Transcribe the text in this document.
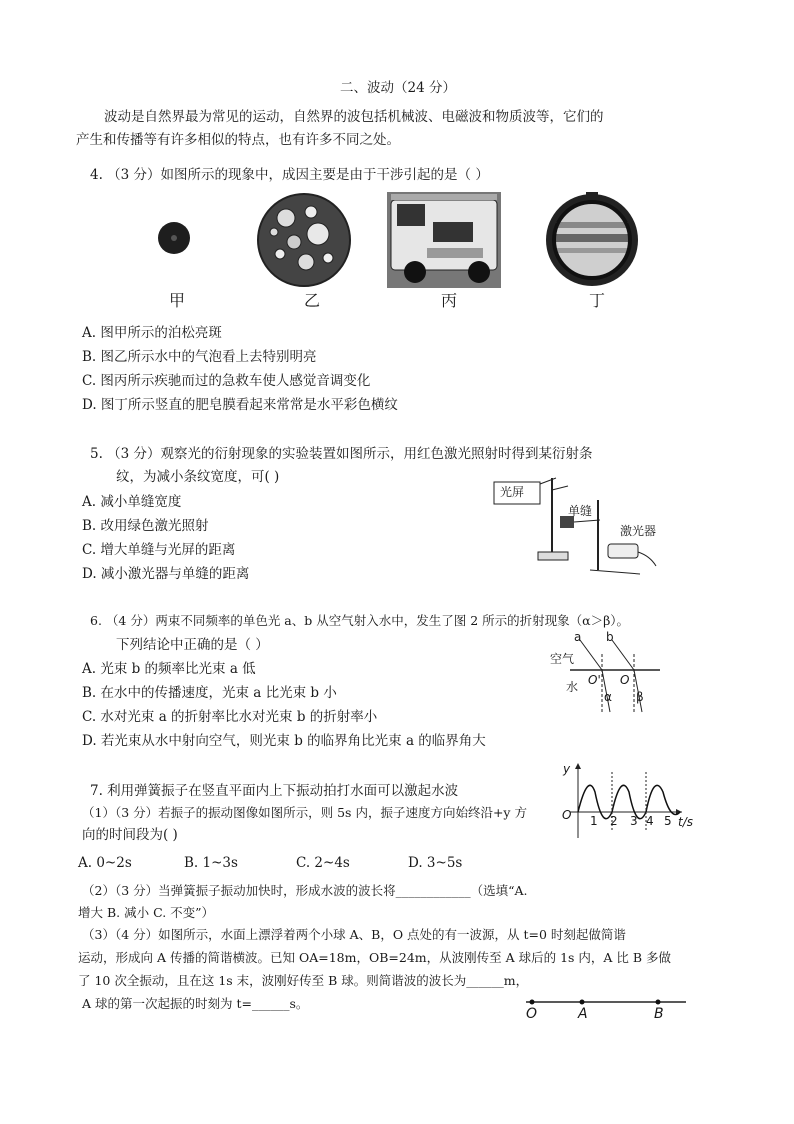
二、波动（24 分）
波动是自然界最为常见的运动，自然界的波包括机械波、电磁波和物质波等，它们的
产生和传播等有许多相似的特点，也有许多不同之处。
4. （3 分）如图所示的现象中，成因主要是由于干涉引起的是（ ）
甲	乙	丙	丁
A. 图甲所示的泊松亮斑
B. 图乙所示水中的气泡看上去特别明亮
C. 图丙所示疾驰而过的急救车使人感觉音调变化
D. 图丁所示竖直的肥皂膜看起来常常是水平彩色横纹
5. （3 分）观察光的衍射现象的实验装置如图所示，用红色激光照射时得到某衍射条
纹，为减小条纹宽度，可( )
A. 减小单缝宽度
B. 改用绿色激光照射
C. 增大单缝与光屏的距离
D. 减小激光器与单缝的距离
光屏
单缝
激光器
6. （4 分）两束不同频率的单色光 a、b 从空气射入水中，发生了图 2 所示的折射现象（α＞β）。
下列结论中正确的是（ ）
A. 光束 b 的频率比光束 a 低
B. 在水中的传播速度，光束 a 比光束 b 小
C. 水对光束 a 的折射率比水对光束 b 的折射率小
D. 若光束从水中射向空气，则光束 b 的临界角比光束 a 的临界角大
空气
水
a b
O' O
α β
7. 利用弹簧振子在竖直平面内上下振动拍打水面可以激起水波
（1）（3 分）若振子的振动图像如图所示，则 5s 内，振子速度方向始终沿+y 方
向的时间段为( )
A. 0~2s	B. 1~3s	C. 2~4s	D. 3~5s
（2）（3 分）当弹簧振子振动加快时，形成水波的波长将____________（选填“A.
增大 B. 减小 C. 不变”）
（3）（4 分）如图所示，水面上漂浮着两个小球 A、B，O 点处的有一波源，从 t=0 时刻起做简谐
运动，形成向 A 传播的简谐横波。已知 OA=18m，OB=24m，从波刚传至 A 球后的 1s 内，A 比 B 多做
了 10 次全振动，且在这 1s 末，波刚好传至 B 球。则简谐波的波长为______m，
A 球的第一次起振的时刻为 t=______s。
y
O	t/s
1 2 3 4 5
O	A	B
